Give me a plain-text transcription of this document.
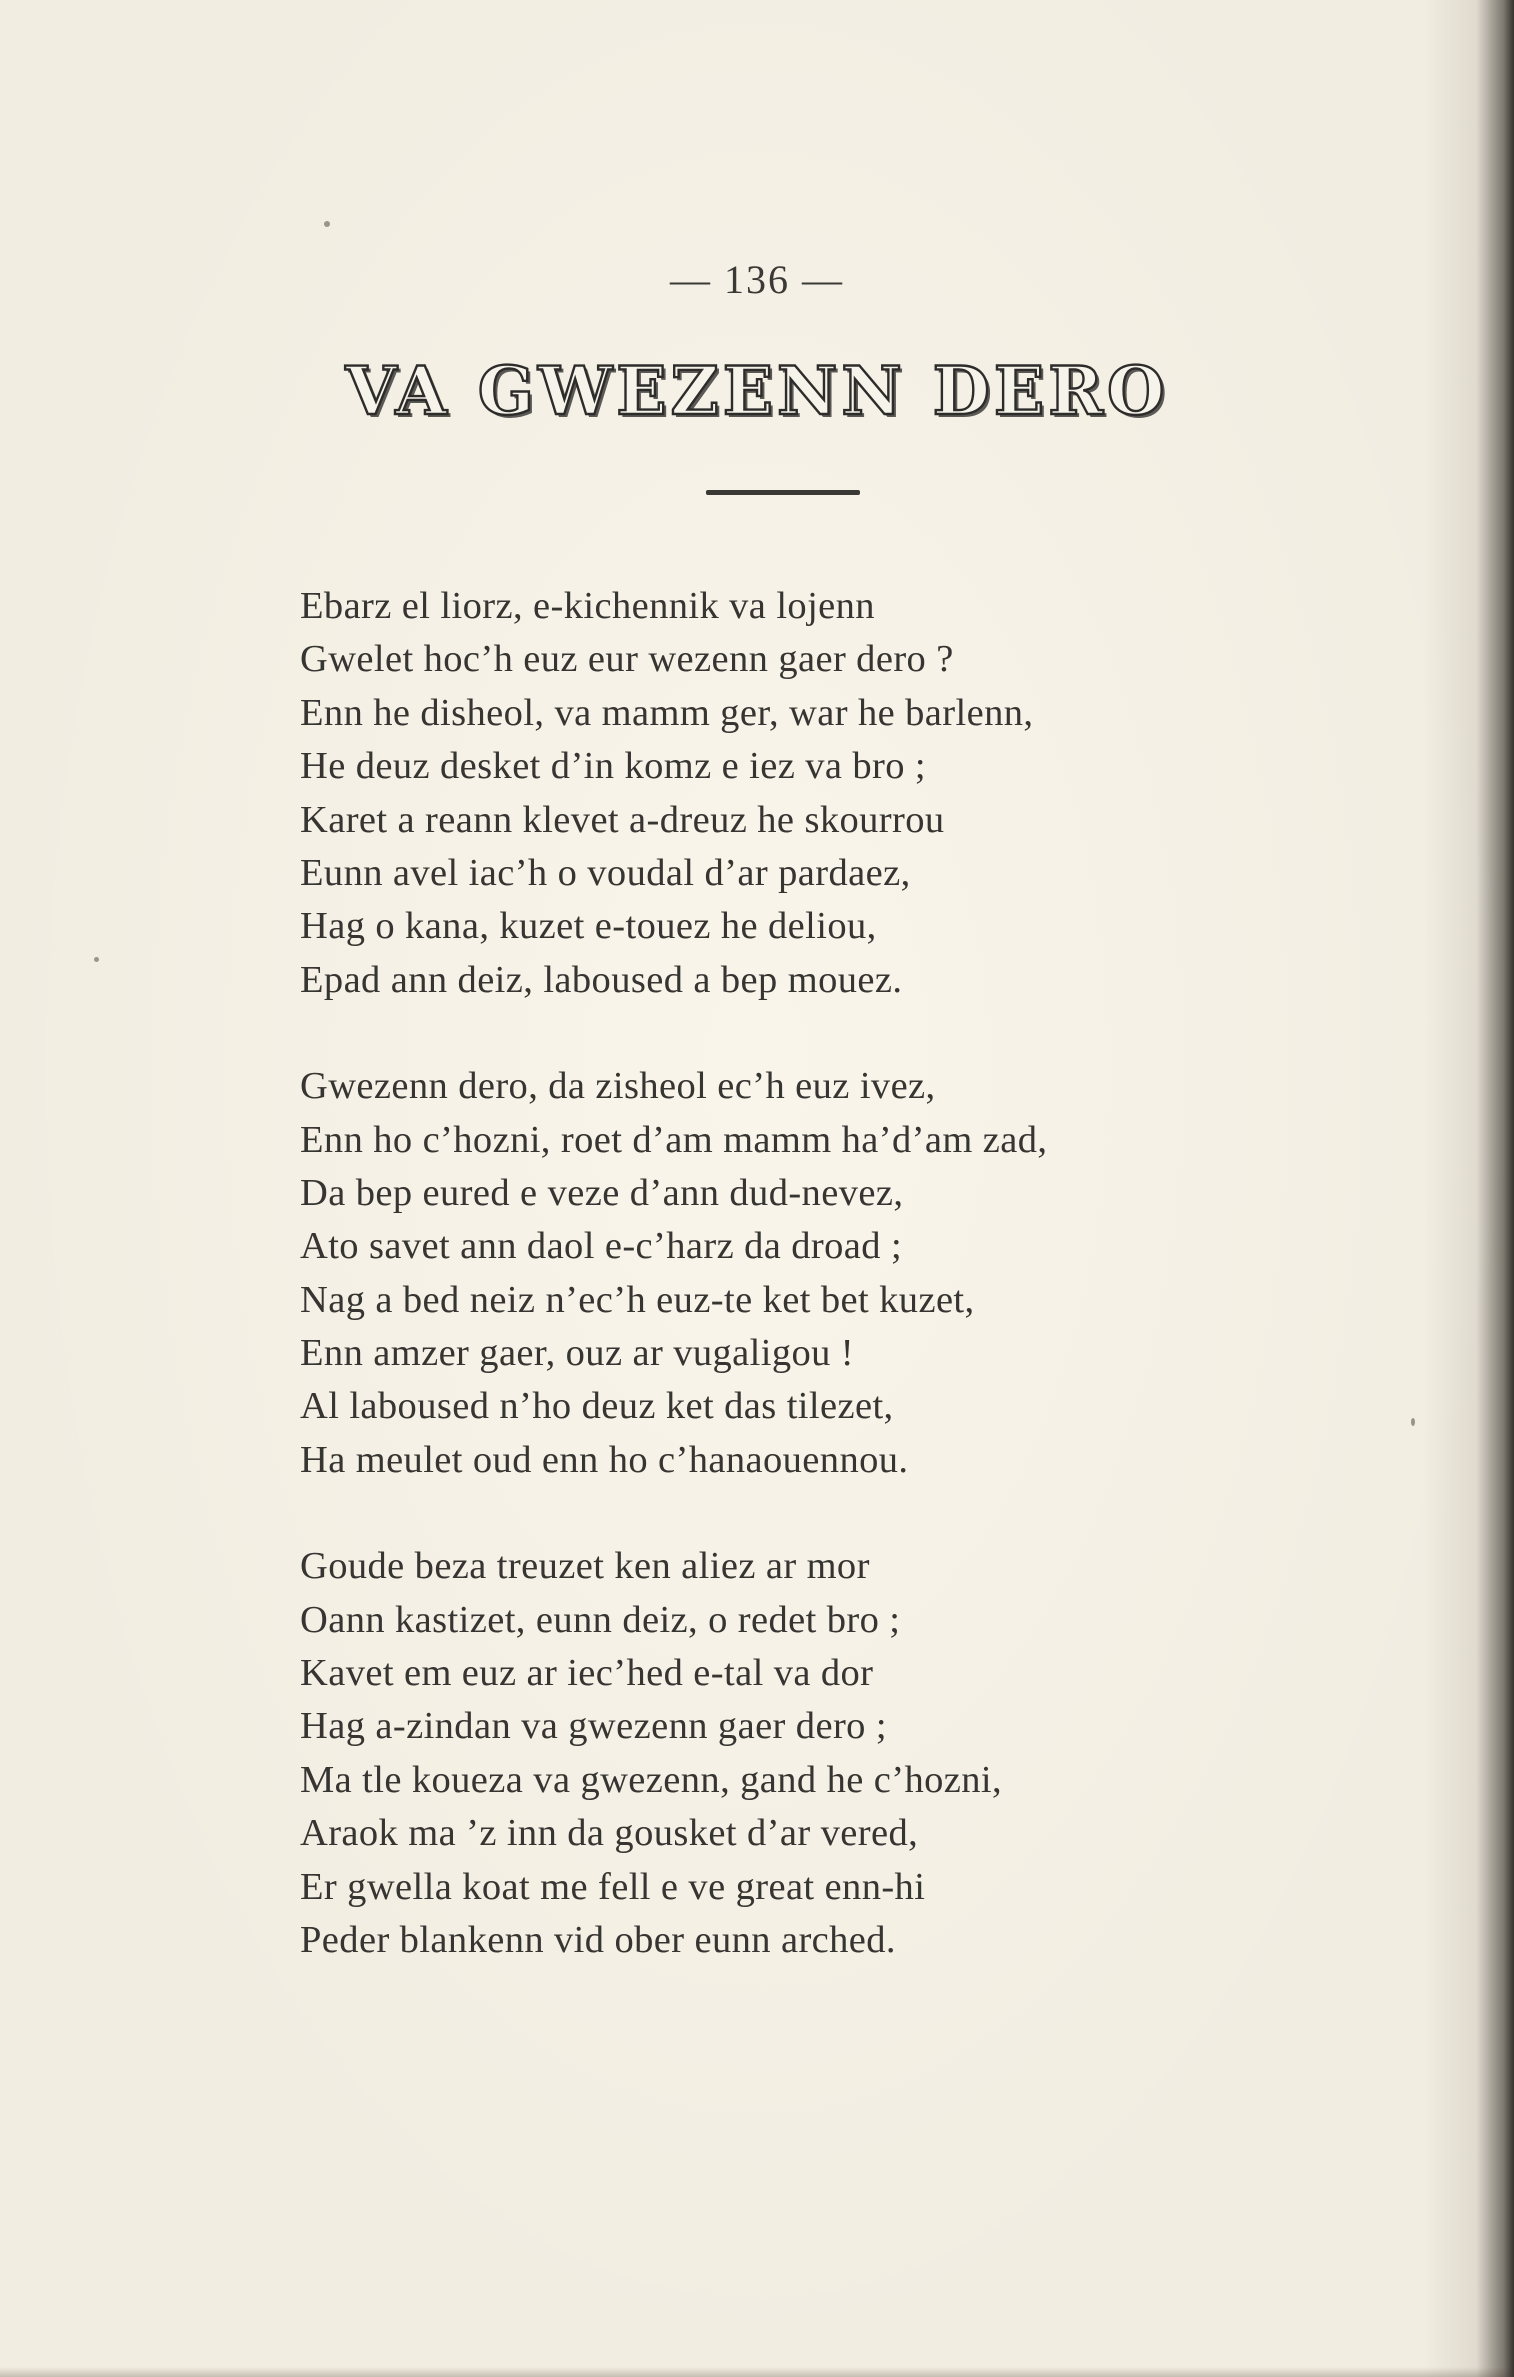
— 136 —
VA GWEZENN DERO
Ebarz el liorz, e-kichennik va lojenn
Gwelet hoc’h euz eur wezenn gaer dero ?
Enn he disheol, va mamm ger, war he barlenn,
He deuz desket d’in komz e iez va bro ;
Karet a reann klevet a-dreuz he skourrou
Eunn avel iac’h o voudal d’ar pardaez,
Hag o kana, kuzet e-touez he deliou,
Epad ann deiz, laboused a bep mouez.
Gwezenn dero, da zisheol ec’h euz ivez,
Enn ho c’hozni, roet d’am mamm ha’d’am zad,
Da bep eured e veze d’ann dud-nevez,
Ato savet ann daol e-c’harz da droad ;
Nag a bed neiz n’ec’h euz-te ket bet kuzet,
Enn amzer gaer, ouz ar vugaligou !
Al laboused n’ho deuz ket das tilezet,
Ha meulet oud enn ho c’hanaouennou.
Goude beza treuzet ken aliez ar mor
Oann kastizet, eunn deiz, o redet bro ;
Kavet em euz ar iec’hed e-tal va dor
Hag a-zindan va gwezenn gaer dero ;
Ma tle koueza va gwezenn, gand he c’hozni,
Araok ma ’z inn da gousket d’ar vered,
Er gwella koat me fell e ve great enn-hi
Peder blankenn vid ober eunn arched.
